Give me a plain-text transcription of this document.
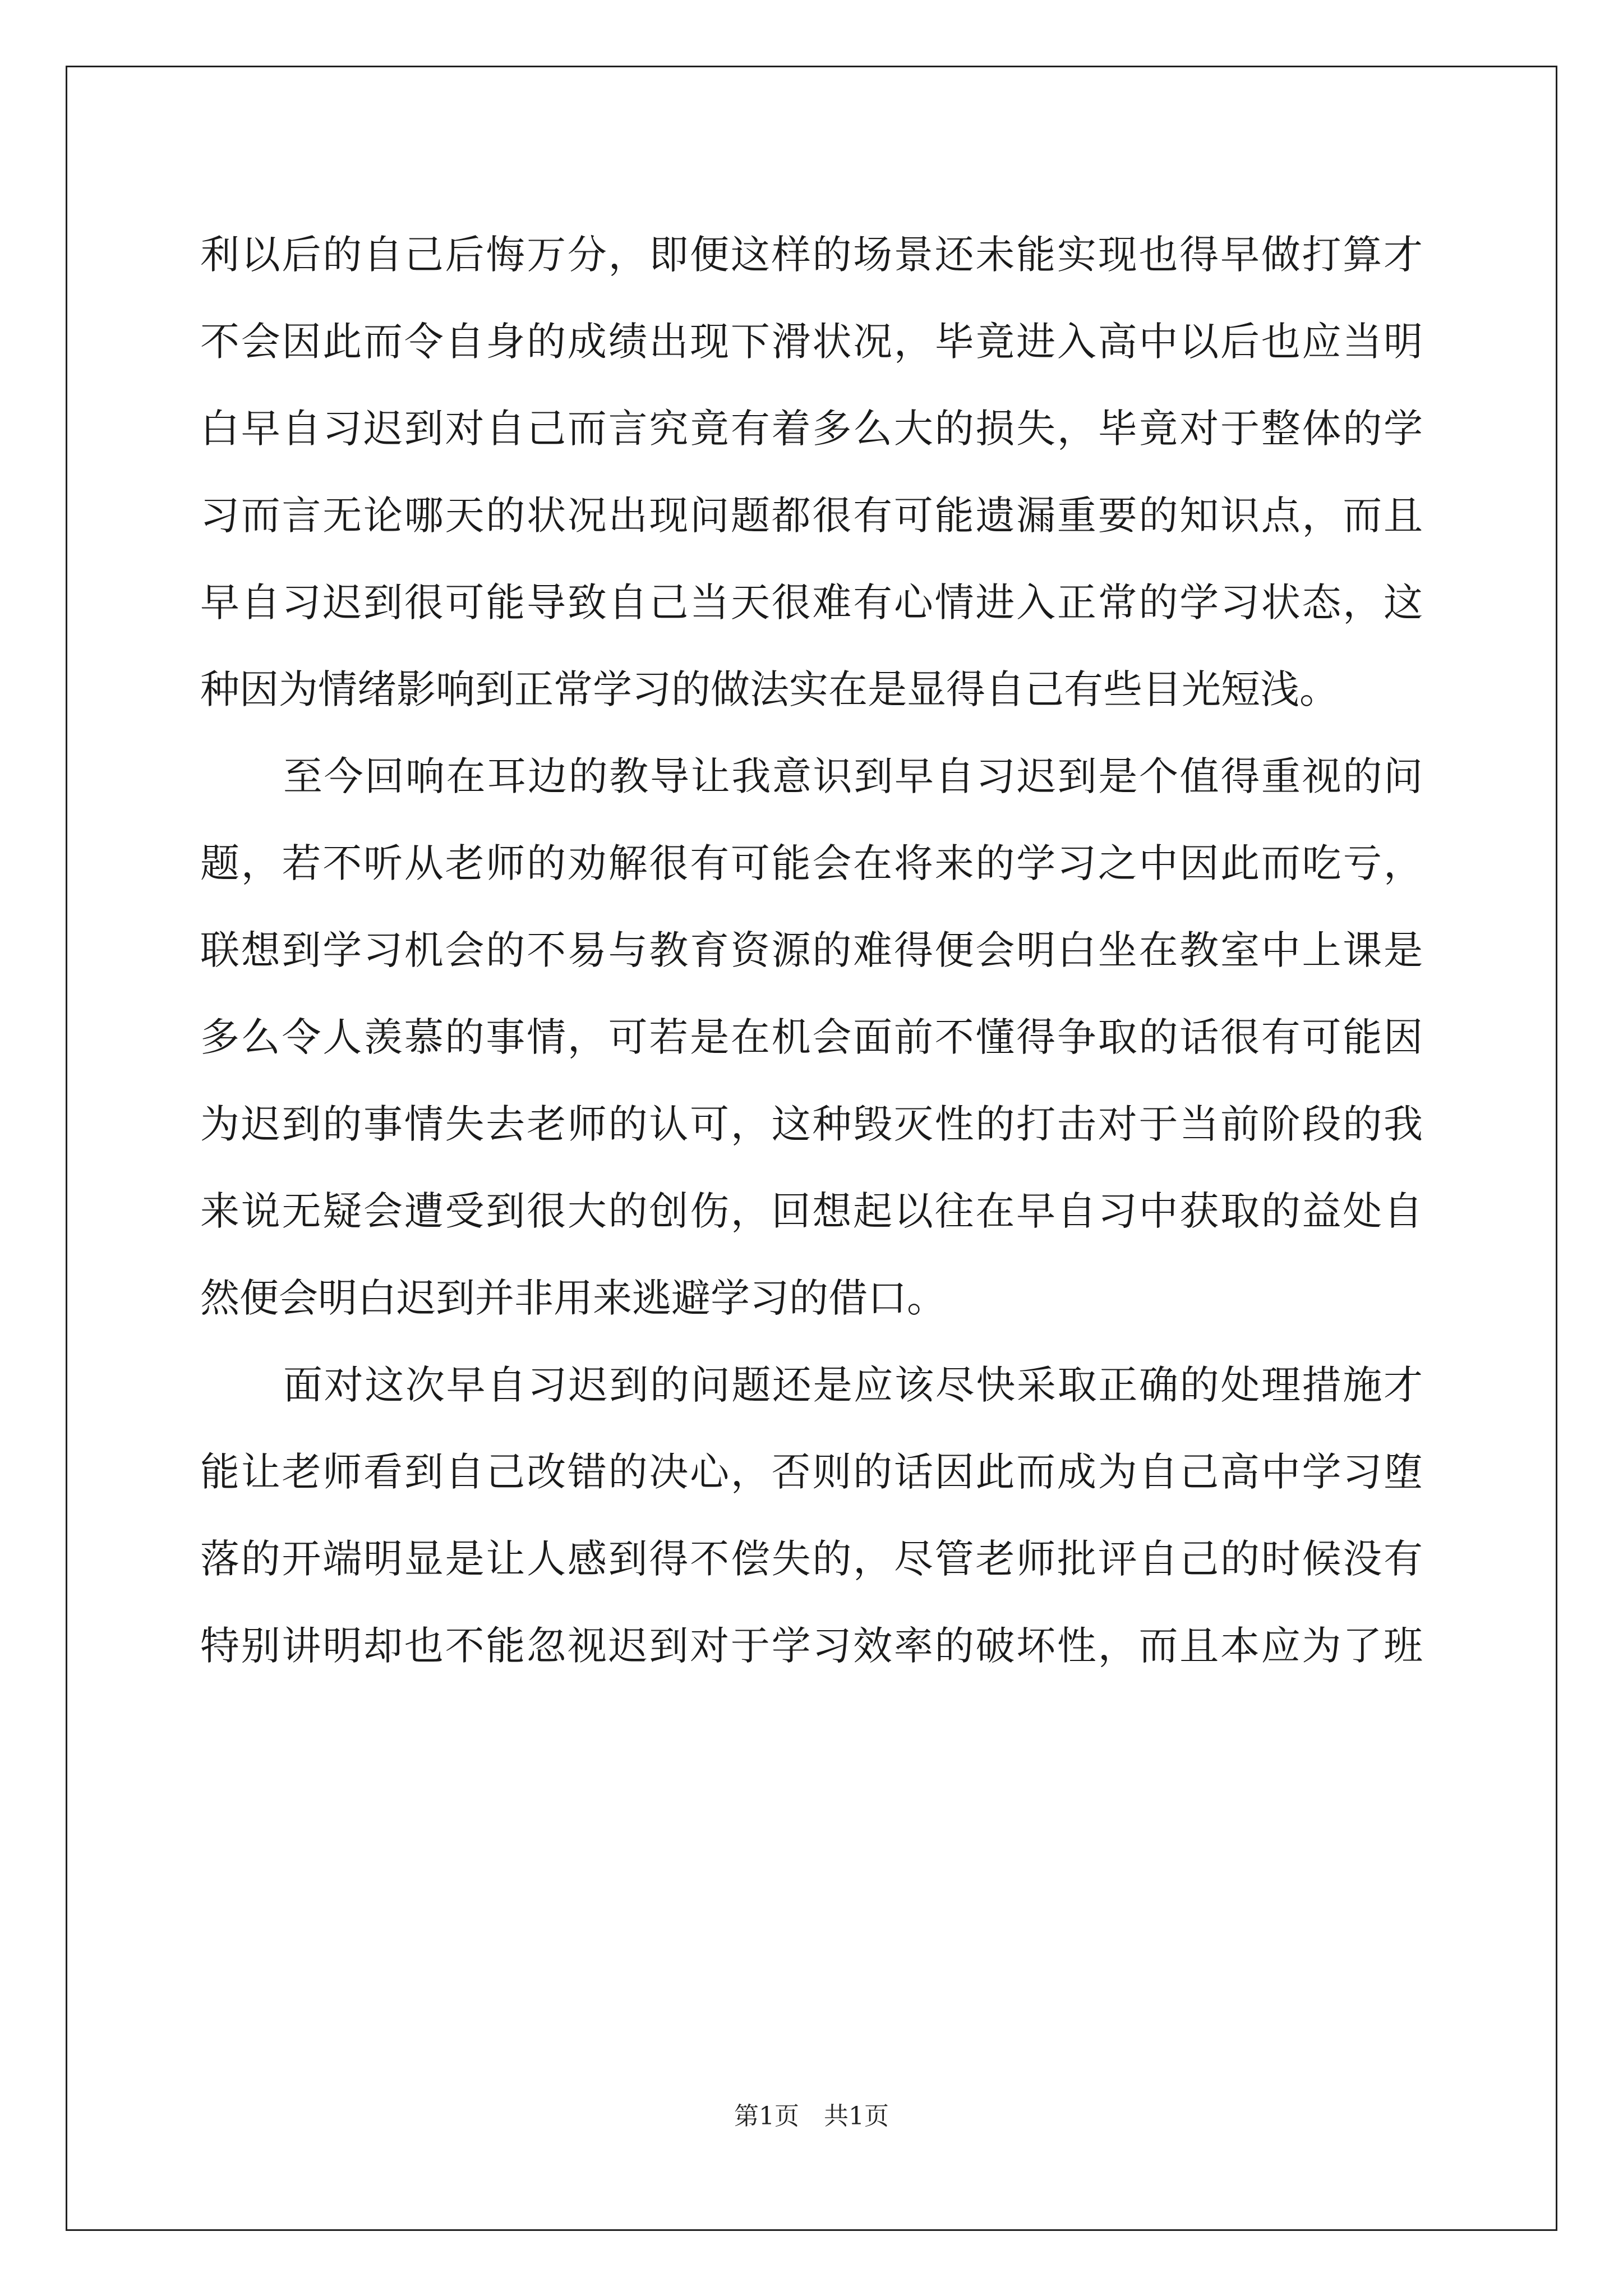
利以后的自己后悔万分，即便这样的场景还未能实现也得早做打算才
不会因此而令自身的成绩出现下滑状况，毕竟进入高中以后也应当明
白早自习迟到对自己而言究竟有着多么大的损失，毕竟对于整体的学
习而言无论哪天的状况出现问题都很有可能遗漏重要的知识点，而且
早自习迟到很可能导致自己当天很难有心情进入正常的学习状态，这
种因为情绪影响到正常学习的做法实在是显得自己有些目光短浅。
至今回响在耳边的教导让我意识到早自习迟到是个值得重视的问
题，若不听从老师的劝解很有可能会在将来的学习之中因此而吃亏，
联想到学习机会的不易与教育资源的难得便会明白坐在教室中上课是
多么令人羡慕的事情，可若是在机会面前不懂得争取的话很有可能因
为迟到的事情失去老师的认可，这种毁灭性的打击对于当前阶段的我
来说无疑会遭受到很大的创伤，回想起以往在早自习中获取的益处自
然便会明白迟到并非用来逃避学习的借口。
面对这次早自习迟到的问题还是应该尽快采取正确的处理措施才
能让老师看到自己改错的决心，否则的话因此而成为自己高中学习堕
落的开端明显是让人感到得不偿失的，尽管老师批评自己的时候没有
特别讲明却也不能忽视迟到对于学习效率的破坏性，而且本应为了班
第1页 共1页
